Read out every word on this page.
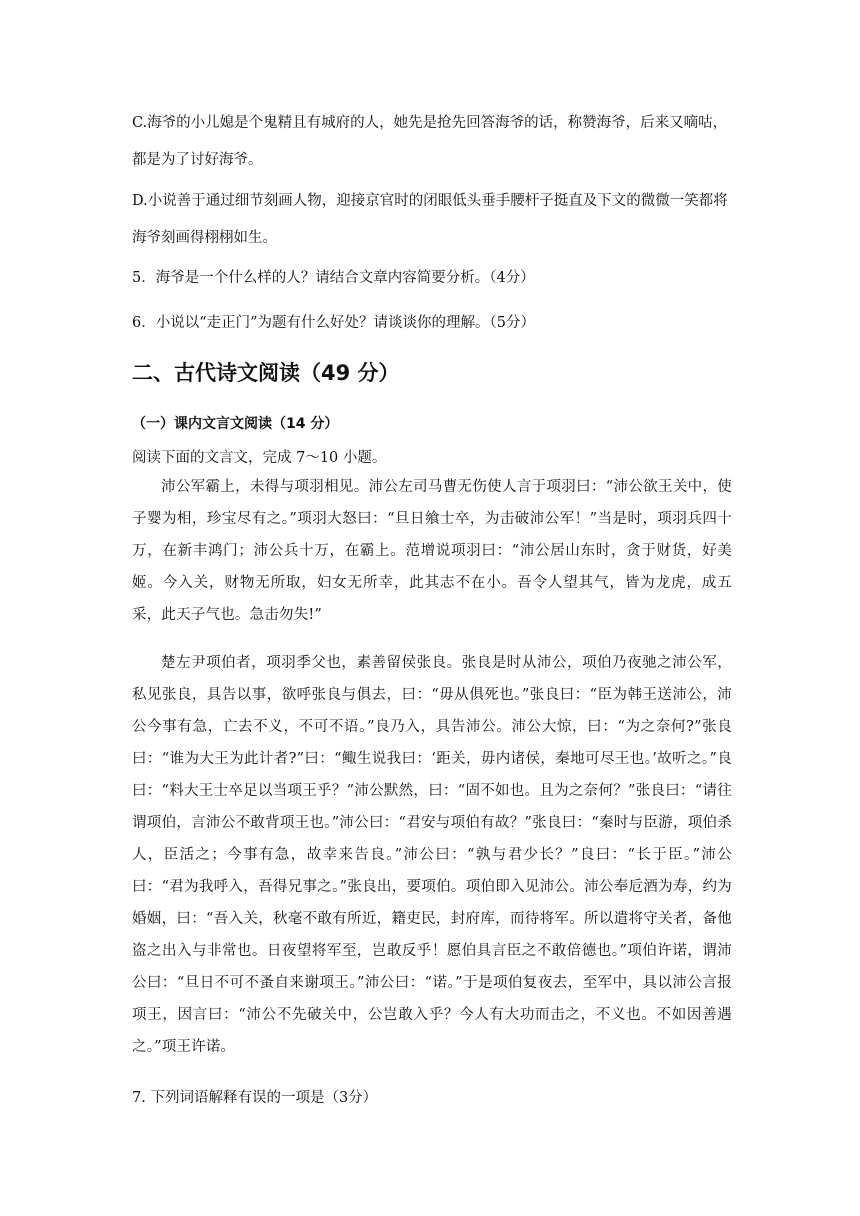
C.海爷的小儿媳是个鬼精且有城府的人，她先是抢先回答海爷的话，称赞海爷，后来又嘀咕，都是为了讨好海爷。

D.小说善于通过细节刻画人物，迎接京官时的闭眼低头垂手腰杆子挺直及下文的微微一笑都将海爷刻画得栩栩如生。

5．海爷是一个什么样的人？请结合文章内容简要分析。（4分）

6．小说以“走正门”为题有什么好处？请谈谈你的理解。（5分）

二、古代诗文阅读（49 分）
（一）课内文言文阅读（14 分）

阅读下面的文言文，完成 7～10 小题。

沛公军霸上，未得与项羽相见。沛公左司马曹无伤使人言于项羽曰：“沛公欲王关中，使子婴为相，珍宝尽有之。”项羽大怒曰：“旦日飨士卒，为击破沛公军！”当是时，项羽兵四十万，在新丰鸿门；沛公兵十万，在霸上。范增说项羽曰：“沛公居山东时，贪于财货，好美姬。今入关，财物无所取，妇女无所幸，此其志不在小。吾令人望其气，皆为龙虎，成五采，此天子气也。急击勿失!”

楚左尹项伯者，项羽季父也，素善留侯张良。张良是时从沛公，项伯乃夜驰之沛公军，私见张良，具告以事，欲呼张良与俱去，曰：“毋从俱死也。”张良曰：“臣为韩王送沛公，沛公今事有急，亡去不义，不可不语。”良乃入，具告沛公。沛公大惊，曰：“为之奈何?”张良曰：“谁为大王为此计者?”曰：“鲰生说我曰：‘距关，毋内诸侯，秦地可尽王也。’故听之。”良曰：“料大王士卒足以当项王乎？”沛公默然，曰：“固不如也。且为之奈何？”张良曰：“请往谓项伯，言沛公不敢背项王也。”沛公曰：“君安与项伯有故？”张良曰：“秦时与臣游，项伯杀人，臣活之；今事有急，故幸来告良。”沛公曰：“孰与君少长？”良曰：“长于臣。”沛公曰：“君为我呼入，吾得兄事之。”张良出，要项伯。项伯即入见沛公。沛公奉卮酒为寿，约为婚姻，曰：“吾入关，秋毫不敢有所近，籍吏民，封府库，而待将军。所以遣将守关者，备他盗之出入与非常也。日夜望将军至，岂敢反乎！愿伯具言臣之不敢倍德也。”项伯许诺，谓沛公曰：“旦日不可不蚤自来谢项王。”沛公曰：“诺。”于是项伯复夜去，至军中，具以沛公言报项王，因言曰：“沛公不先破关中，公岂敢入乎？今人有大功而击之，不义也。不如因善遇之。”项王许诺。

7. 下列词语解释有误的一项是（3分）
